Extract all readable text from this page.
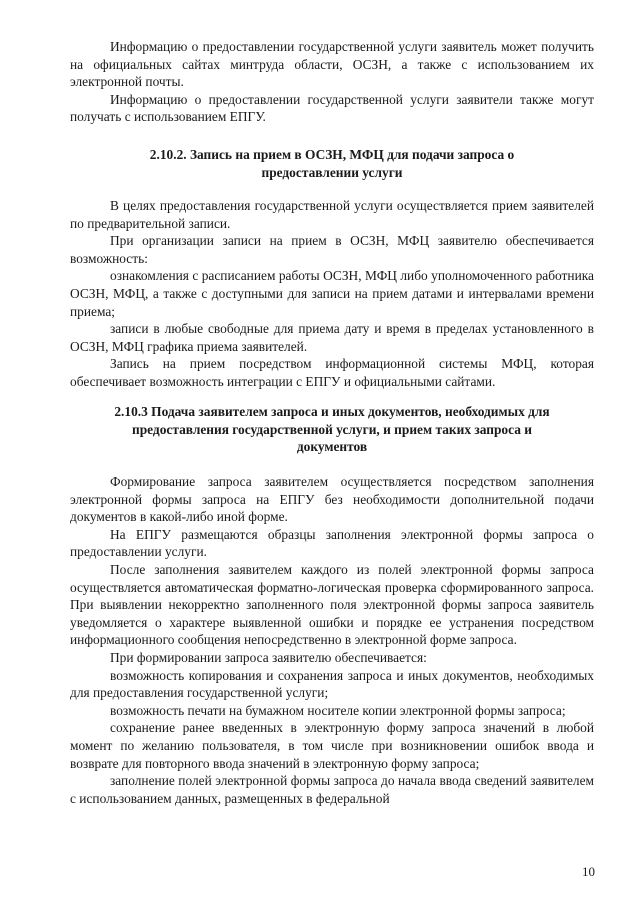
Информацию о предоставлении государственной услуги заявитель может получить на официальных сайтах минтруда области, ОСЗН, а также с использованием их электронной почты.

Информацию о предоставлении государственной услуги заявители также могут получать с использованием ЕПГУ.

2.10.2. Запись на прием в ОСЗН, МФЦ для подачи запроса о
предоставлении услуги

В целях предоставления государственной услуги осуществляется прием заявителей по предварительной записи.

При организации записи на прием в ОСЗН, МФЦ заявителю обеспечивается возможность:

ознакомления с расписанием работы ОСЗН, МФЦ либо уполномоченного работника ОСЗН, МФЦ, а также с доступными для записи на прием датами и интервалами времени приема;

записи в любые свободные для приема дату и время в пределах установленного в ОСЗН, МФЦ графика приема заявителей.

Запись на прием посредством информационной системы МФЦ, которая обеспечивает возможность интеграции с ЕПГУ и официальными сайтами.

2.10.3 Подача заявителем запроса и иных документов, необходимых для
предоставления государственной услуги, и прием таких запроса и
документов

Формирование запроса заявителем осуществляется посредством заполнения электронной формы запроса на ЕПГУ без необходимости дополнительной подачи документов в какой-либо иной форме.

На ЕПГУ размещаются образцы заполнения электронной формы запроса о предоставлении услуги.

После заполнения заявителем каждого из полей электронной формы запроса осуществляется автоматическая форматно-логическая проверка сформированного запроса. При выявлении некорректно заполненного поля электронной формы запроса заявитель уведомляется о характере выявленной ошибки и порядке ее устранения посредством информационного сообщения непосредственно в электронной форме запроса.

При формировании запроса заявителю обеспечивается:

возможность копирования и сохранения запроса и иных документов, необходимых для предоставления государственной услуги;

возможность печати на бумажном носителе копии электронной формы запроса;

сохранение ранее введенных в электронную форму запроса значений в любой момент по желанию пользователя, в том числе при возникновении ошибок ввода и возврате для повторного ввода значений в электронную форму запроса;

заполнение полей электронной формы запроса до начала ввода сведений заявителем с использованием данных, размещенных в федеральной

10
